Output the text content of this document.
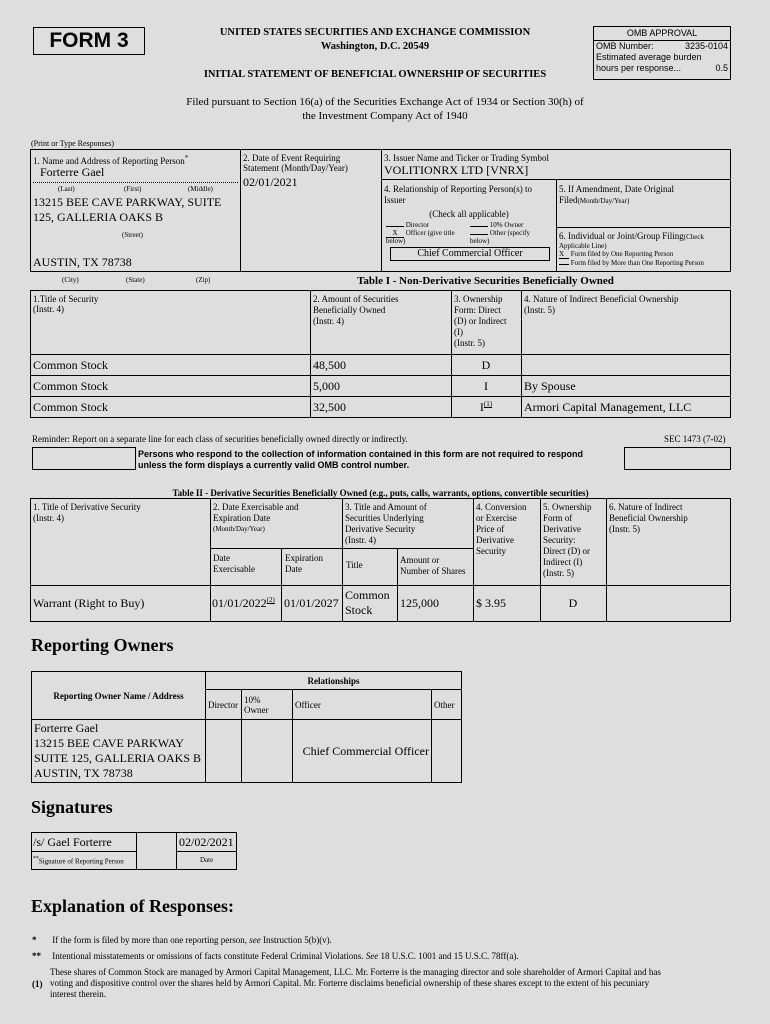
FORM 3	UNITED STATES SECURITIES AND EXCHANGE COMMISSION
Washington, D.C. 20549
INITIAL STATEMENT OF BENEFICIAL OWNERSHIP OF SECURITIES
OMB APPROVAL
OMB Number:	3235-0104
Estimated average burden
hours per response...	0.5
Filed pursuant to Section 16(a) of the Securities Exchange Act of 1934 or Section 30(h) of
the Investment Company Act of 1940
(Print or Type Responses)
1. Name and Address of Reporting Person*
Forterre Gael
(Last)	(First)	(Middle)
13215 BEE CAVE PARKWAY, SUITE
125, GALLERIA OAKS B
(Street)
AUSTIN, TX 78738
(City)	(State)	(Zip)
2. Date of Event Requiring
Statement (Month/Day/Year)
02/01/2021
3. Issuer Name and Ticker or Trading Symbol
VOLITIONRX LTD [VNRX]
4. Relationship of Reporting Person(s) to
Issuer
(Check all applicable)
Director	10% Owner
X Officer (give title
below)
Other (specify
below)
Chief Commercial Officer
5. If Amendment, Date Original
Filed(Month/Day/Year)
6. Individual or Joint/Group Filing(Check
Applicable Line)
X Form filed by One Reporting Person
Form filed by More than One Reporting Person
Table I - Non-Derivative Securities Beneficially Owned
1.Title of Security
(Instr. 4)
2. Amount of Securities
Beneficially Owned
(Instr. 4)
3. Ownership
Form: Direct
(D) or Indirect
(I)
(Instr. 5)
4. Nature of Indirect Beneficial Ownership
(Instr. 5)
Common Stock	48,500	D
Common Stock	5,000	I	By Spouse
Common Stock	32,500	$I^{(1)}$	Armori Capital Management, LLC
Reminder: Report on a separate line for each class of securities beneficially owned directly or indirectly.	SEC 1473 (7-02)
Persons who respond to the collection of information contained in this form are not required to respond
unless the form displays a currently valid OMB control number.
Table II - Derivative Securities Beneficially Owned (e.g., puts, calls, warrants, options, convertible securities)
1. Title of Derivative Security
(Instr. 4)
2. Date Exercisable and
Expiration Date
(Month/Day/Year)
Date
Exercisable
Expiration
Date
3. Title and Amount of
Securities Underlying
Derivative Security
(Instr. 4)
Title	Amount or
Number of Shares
4. Conversion
or Exercise
Price of
Derivative
Security
5. Ownership
Form of
Derivative
Security:
Direct (D) or
Indirect (I)
(Instr. 5)
6. Nature of Indirect
Beneficial Ownership
(Instr. 5)
Warrant (Right to Buy)	01/01/2022$^{(2)}$ 01/01/2027
Common
Stock	125,000	$ 3.95	D
Reporting Owners
Reporting Owner Name / Address	Relationships			
	Director	10%
Owner	Officer	Other

Forterre Gael
13215 BEE CAVE PARKWAY
SUITE 125, GALLERIA OAKS B
AUSTIN, TX 78738			Chief Commercial Officer	
Signatures
/s/ Gael Forterre	02/02/2021
**Signature of Reporting Person	Date
Explanation of Responses:
* If the form is filed by more than one reporting person, see Instruction 5(b)(v).
** Intentional misstatements or omissions of facts constitute Federal Criminal Violations. See 18 U.S.C. 1001 and 15 U.S.C. 78ff(a).
(1)
These shares of Common Stock are managed by Armori Capital Management, LLC. Mr. Forterre is the managing director and sole shareholder of Armori Capital and has
voting and dispositive control over the shares held by Armori Capital. Mr. Forterre disclaims beneficial ownership of these shares except to the extent of his pecuniary
interest therein.
